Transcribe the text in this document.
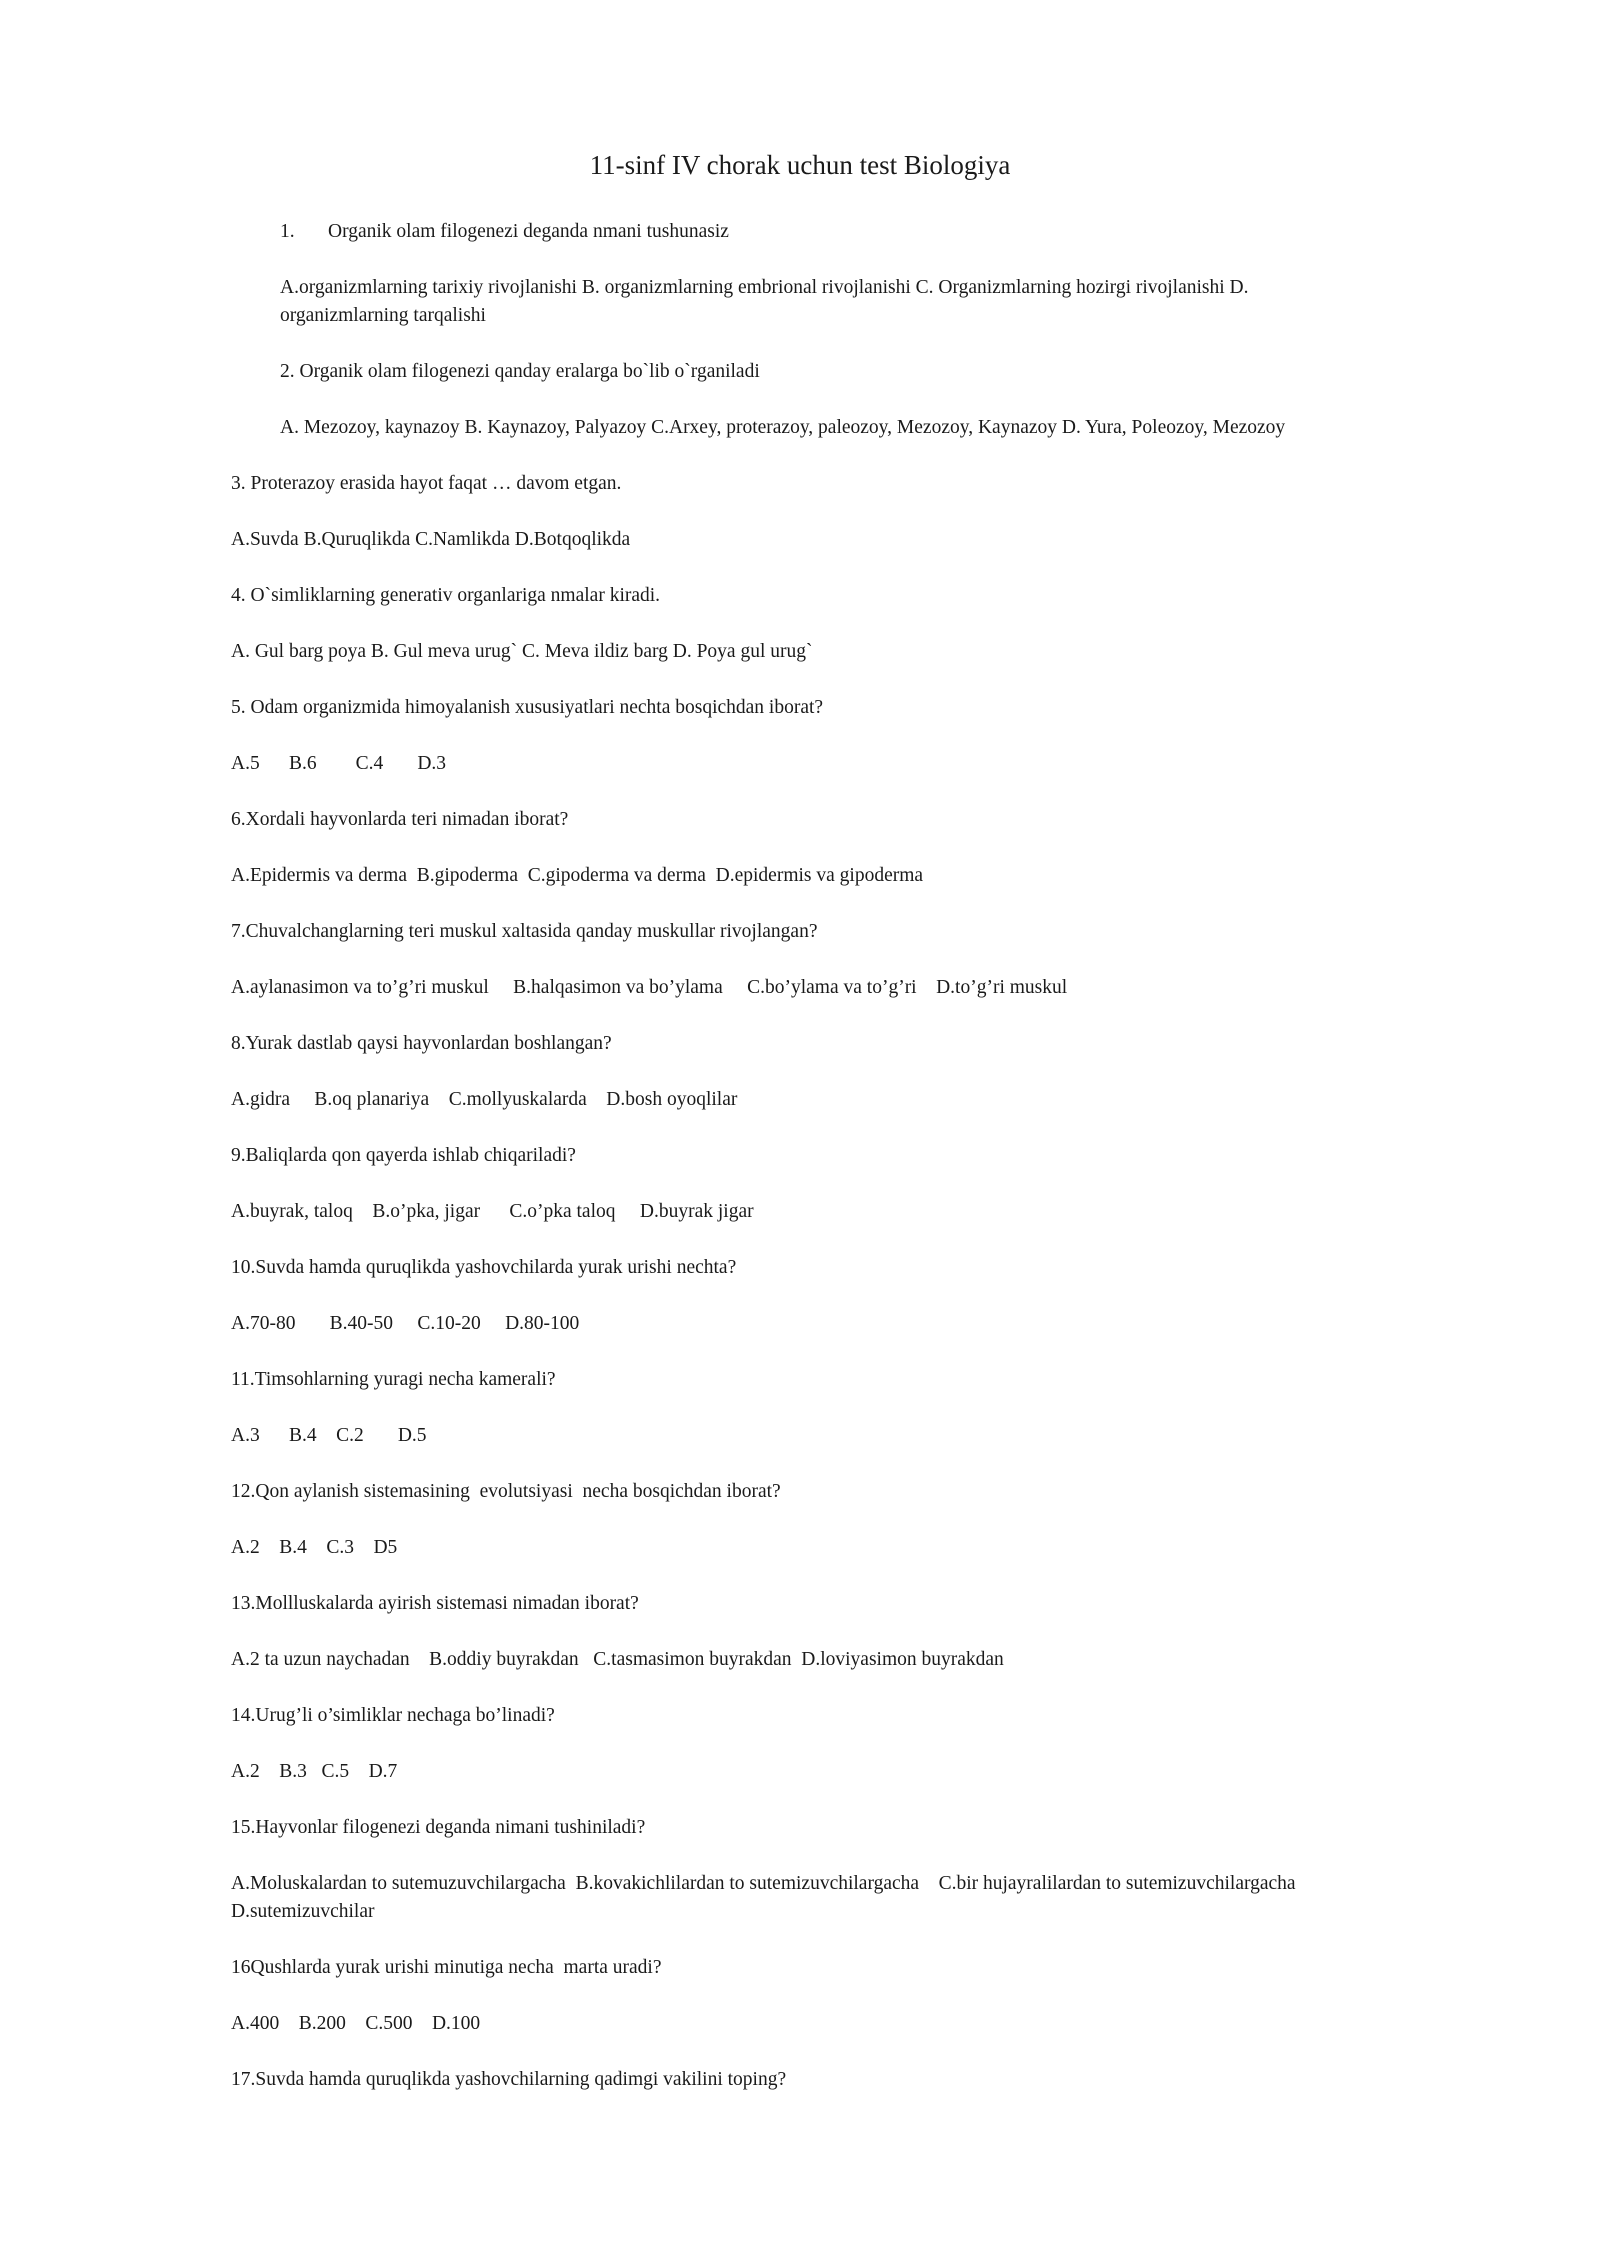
11-sinf IV chorak uchun test Biologiya
1. Organik olam filogenezi deganda nmani tushunasiz
A.organizmlarning tarixiy rivojlanishi B. organizmlarning embrional rivojlanishi C. Organizmlarning hozirgi rivojlanishi D.
organizmlarning tarqalishi
2. Organik olam filogenezi qanday eralarga bo`lib o`rganiladi
A. Mezozoy, kaynazoy B. Kaynazoy, Palyazoy C.Arxey, proterazoy, paleozoy, Mezozoy, Kaynazoy D. Yura, Poleozoy, Mezozoy
3. Proterazoy erasida hayot faqat … davom etgan.
A.Suvda B.Quruqlikda C.Namlikda D.Botqoqlikda
4. O`simliklarning generativ organlariga nmalar kiradi.
A. Gul barg poya B. Gul meva urug` C. Meva ildiz barg D. Poya gul urug`
5. Odam organizmida himoyalanish xususiyatlari nechta bosqichdan iborat?
A.5      B.6        C.4       D.3
6.Xordali hayvonlarda teri nimadan iborat?
A.Epidermis va derma  B.gipoderma  C.gipoderma va derma  D.epidermis va gipoderma
7.Chuvalchanglarning teri muskul xaltasida qanday muskullar rivojlangan?
A.aylanasimon va to’g’ri muskul     B.halqasimon va bo’ylama     C.bo’ylama va to’g’ri    D.to’g’ri muskul
8.Yurak dastlab qaysi hayvonlardan boshlangan?
A.gidra     B.oq planariya    C.mollyuskalarda    D.bosh oyoqlilar
9.Baliqlarda qon qayerda ishlab chiqariladi?
A.buyrak, taloq    B.o’pka, jigar      C.o’pka taloq     D.buyrak jigar
10.Suvda hamda quruqlikda yashovchilarda yurak urishi nechta?
A.70-80       B.40-50     C.10-20     D.80-100
11.Timsohlarning yuragi necha kamerali?
A.3      B.4    C.2       D.5
12.Qon aylanish sistemasining  evolutsiyasi  necha bosqichdan iborat?
A.2    B.4    C.3    D5
13.Mollluskalarda ayirish sistemasi nimadan iborat?
A.2 ta uzun naychadan    B.oddiy buyrakdan   C.tasmasimon buyrakdan  D.loviyasimon buyrakdan
14.Urug’li o’simliklar nechaga bo’linadi?
A.2    B.3   C.5    D.7
15.Hayvonlar filogenezi deganda nimani tushiniladi?
A.Moluskalardan to sutemuzuvchilargacha  B.kovakichlilardan to sutemizuvchilargacha    C.bir hujayralilardan to sutemizuvchilargacha
D.sutemizuvchilar
16Qushlarda yurak urishi minutiga necha  marta uradi?
A.400    B.200    C.500    D.100
17.Suvda hamda quruqlikda yashovchilarning qadimgi vakilini toping?
